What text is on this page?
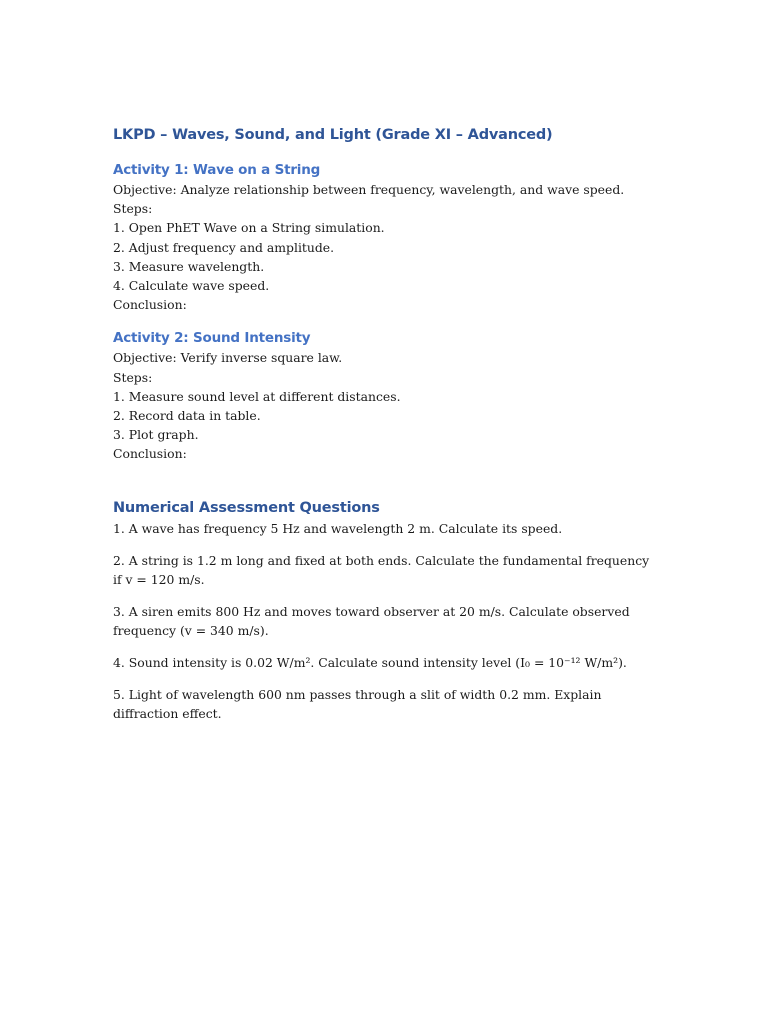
LKPD – Waves, Sound, and Light (Grade XI – Advanced)
Activity 1: Wave on a String

Objective: Analyze relationship between frequency, wavelength, and wave speed.

Steps:

1. Open PhET Wave on a String simulation.

2. Adjust frequency and amplitude.

3. Measure wavelength.

4. Calculate wave speed.

Conclusion:

Activity 2: Sound Intensity

Objective: Verify inverse square law.

Steps:

1. Measure sound level at different distances.

2. Record data in table.

3. Plot graph.

Conclusion:

Numerical Assessment Questions

1. A wave has frequency 5 Hz and wavelength 2 m. Calculate its speed.

2. A string is 1.2 m long and fixed at both ends. Calculate the fundamental frequency if v = 120 m/s.

3. A siren emits 800 Hz and moves toward observer at 20 m/s. Calculate observed frequency (v = 340 m/s).

4. Sound intensity is 0.02 W/m². Calculate sound intensity level (I₀ = 10⁻¹² W/m²).

5. Light of wavelength 600 nm passes through a slit of width 0.2 mm. Explain diffraction effect.
